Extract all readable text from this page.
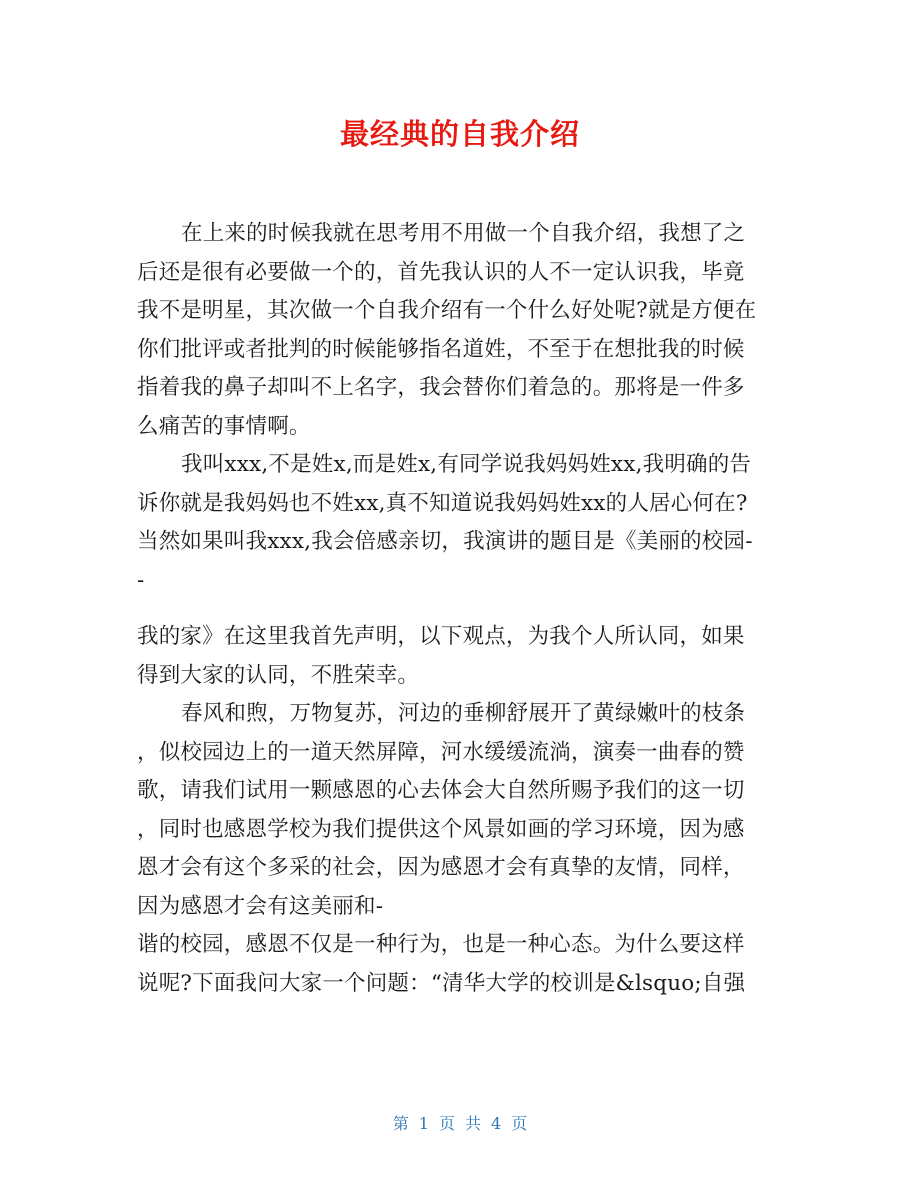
最经典的自我介绍
在上来的时候我就在思考用不用做一个自我介绍，我想了之
后还是很有必要做一个的，首先我认识的人不一定认识我，毕竟
我不是明星，其次做一个自我介绍有一个什么好处呢?就是方便在
你们批评或者批判的时候能够指名道姓，不至于在想批我的时候
指着我的鼻子却叫不上名字，我会替你们着急的。那将是一件多
么痛苦的事情啊。
我叫xxx,不是姓x,而是姓x,有同学说我妈妈姓xx,我明确的告
诉你就是我妈妈也不姓xx,真不知道说我妈妈姓xx的人居心何在?
当然如果叫我xxx,我会倍感亲切，我演讲的题目是《美丽的校园-
-
我的家》在这里我首先声明，以下观点，为我个人所认同，如果
得到大家的认同，不胜荣幸。
春风和煦，万物复苏，河边的垂柳舒展开了黄绿嫩叶的枝条
，似校园边上的一道天然屏障，河水缓缓流淌，演奏一曲春的赞
歌，请我们试用一颗感恩的心去体会大自然所赐予我们的这一切
，同时也感恩学校为我们提供这个风景如画的学习环境，因为感
恩才会有这个多采的社会，因为感恩才会有真挚的友情，同样，
因为感恩才会有这美丽和-
谐的校园，感恩不仅是一种行为，也是一种心态。为什么要这样
说呢?下面我问大家一个问题：“清华大学的校训是&lsquo;自强
第 1 页 共 4 页
